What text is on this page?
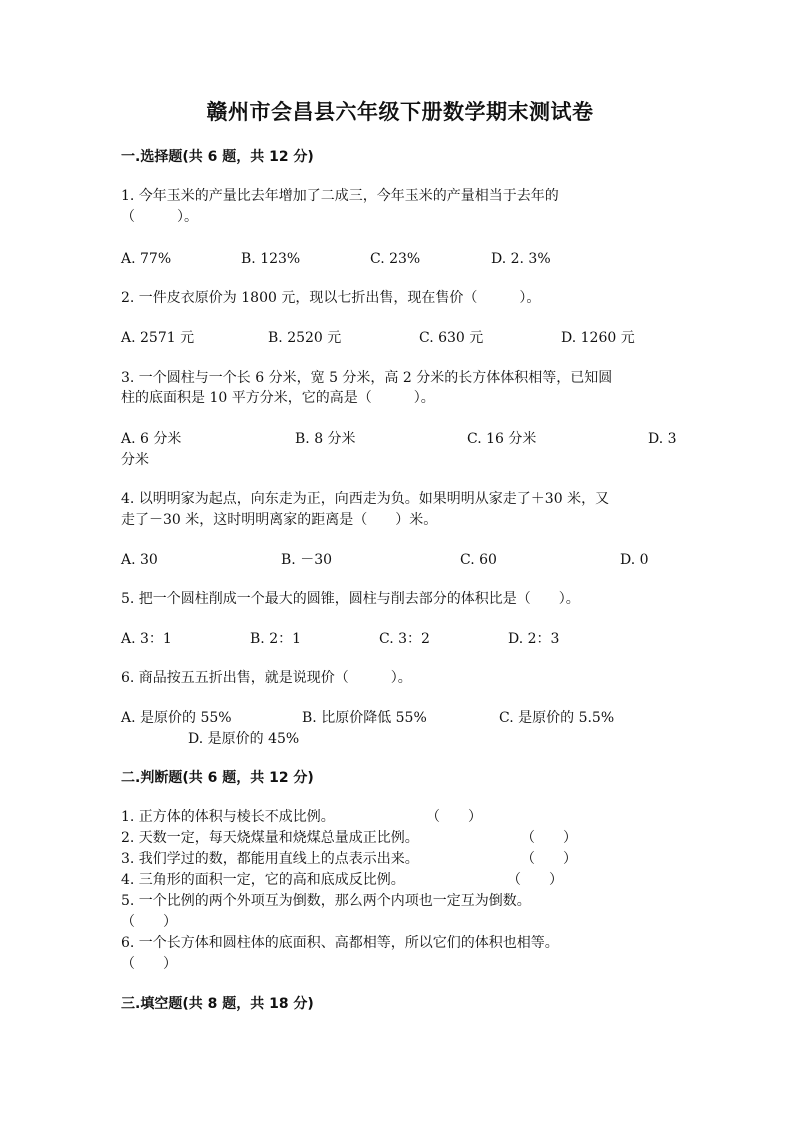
赣州市会昌县六年级下册数学期末测试卷
一.选择题(共 6 题，共 12 分)
1. 今年玉米的产量比去年增加了二成三，今年玉米的产量相当于去年的
（　　　）。
A. 77%	B. 123%	C. 23%	D. 2. 3%
2. 一件皮衣原价为 1800 元，现以七折出售，现在售价（　　　）。
A. 2571 元	B. 2520 元	C. 630 元	D. 1260 元
3. 一个圆柱与一个长 6 分米，宽 5 分米，高 2 分米的长方体体积相等，已知圆
柱的底面积是 10 平方分米，它的高是（　　　）。
A. 6 分米	B. 8 分米	C. 16 分米	D. 3
分米
4. 以明明家为起点，向东走为正，向西走为负。如果明明从家走了＋30 米，又
走了－30 米，这时明明离家的距离是（　　）米。
A. 30	B. －30	C. 60	D. 0
5. 把一个圆柱削成一个最大的圆锥，圆柱与削去部分的体积比是（　　）。
A. 3：1	B. 2：1	C. 3：2	D. 2：3
6. 商品按五五折出售，就是说现价（　　　）。
A. 是原价的 55%	B. 比原价降低 55%	C. 是原价的 5.5%
D. 是原价的 45%
二.判断题(共 6 题，共 12 分)
1. 正方体的体积与棱长不成比例。	（　　）
2. 天数一定，每天烧煤量和烧煤总量成正比例。	（　　）
3. 我们学过的数，都能用直线上的点表示出来。	（　　）
4. 三角形的面积一定，它的高和底成反比例。	（　　）
5. 一个比例的两个外项互为倒数，那么两个内项也一定互为倒数。
（　　）
6. 一个长方体和圆柱体的底面积、高都相等，所以它们的体积也相等。
（　　）
三.填空题(共 8 题，共 18 分)
